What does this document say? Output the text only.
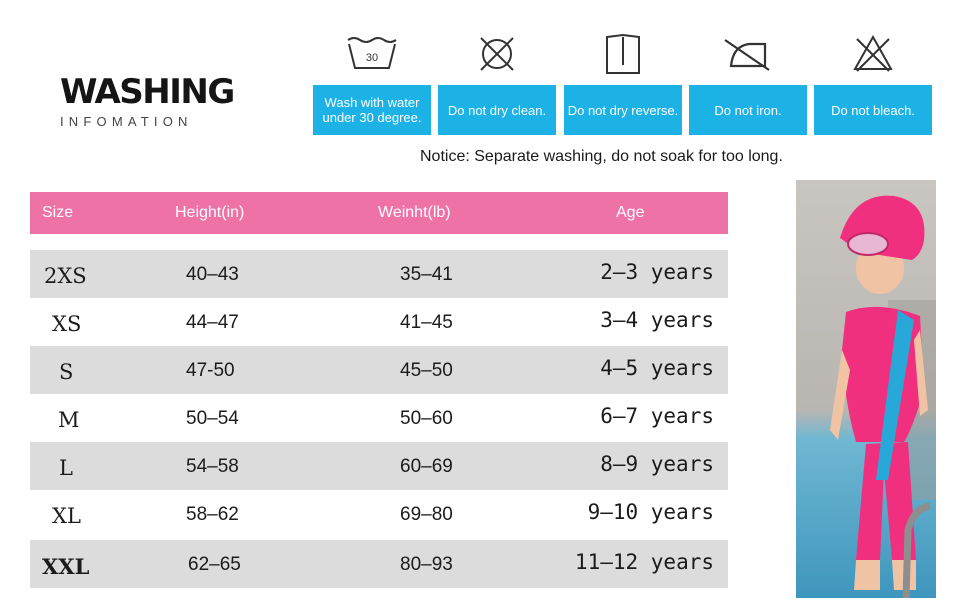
WASHING
INFOMATION
30
Wash with water under 30 degree.	Do not dry clean.	Do not dry reverse.	Do not iron.	Do not bleach.
Notice: Separate washing, do not soak for too long.
Size	Height(in)	Weinht(lb)	Age
2XS	40–43	35–41	2–3 years
XS	44–47	41–45	3–4 years
S	47-50	45–50	4–5 years
M	50–54	50–60	6–7 years
L	54–58	60–69	8–9 years
XL	58–62	69–80	9–10 years
XXL	62–65	80–93	11–12 years
